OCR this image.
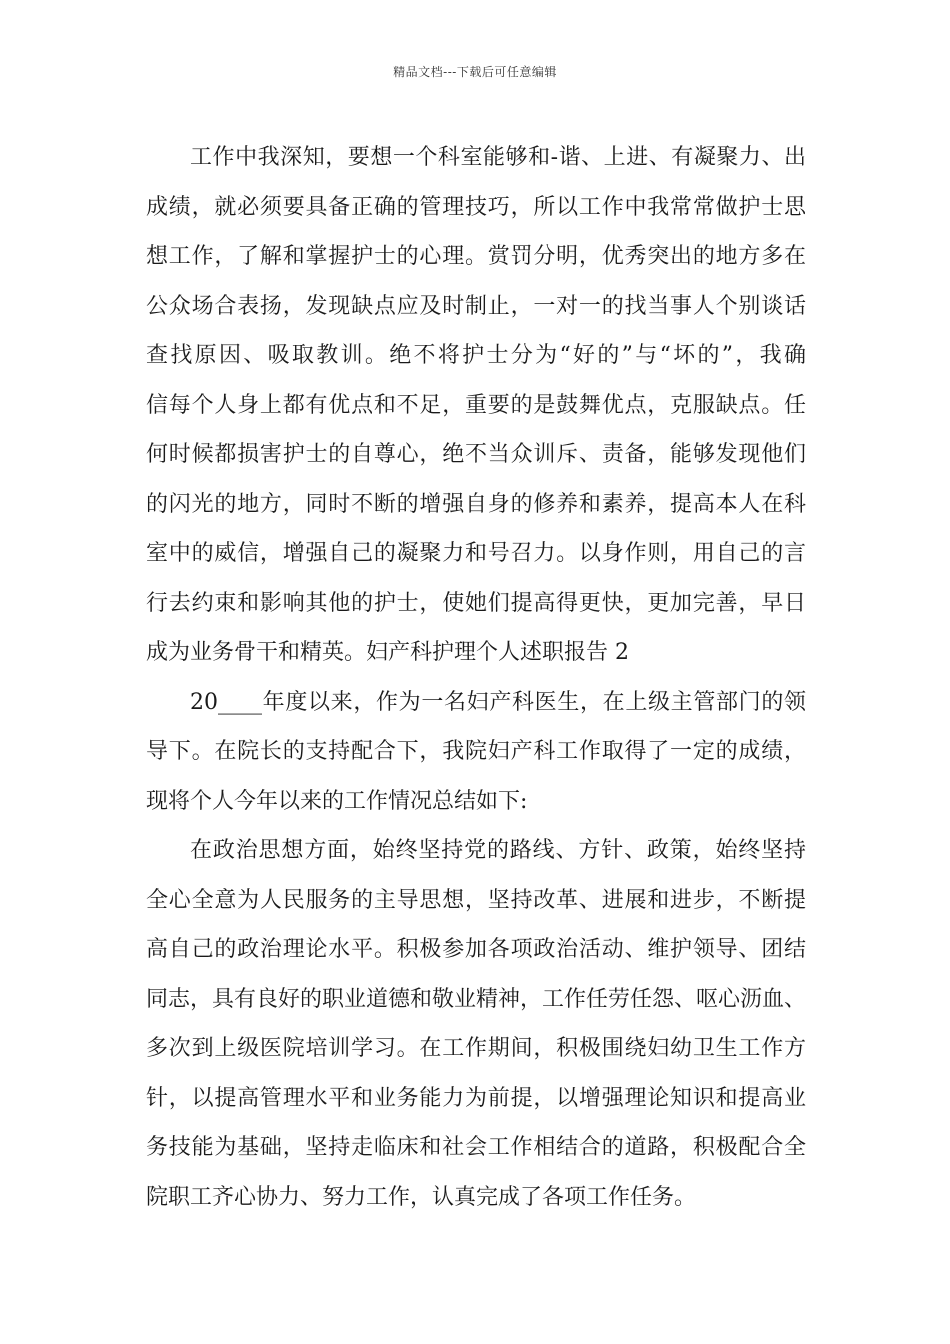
精品文档---下载后可任意编辑
工作中我深知，要想一个科室能够和-谐、上进、有凝聚力、出
成绩，就必须要具备正确的管理技巧，所以工作中我常常做护士思
想工作，了解和掌握护士的心理。赏罚分明，优秀突出的地方多在
公众场合表扬，发现缺点应及时制止，一对一的找当事人个别谈话
查找原因、吸取教训。绝不将护士分为“好的”与“坏的”，我确
信每个人身上都有优点和不足，重要的是鼓舞优点，克服缺点。任
何时候都损害护士的自尊心，绝不当众训斥、责备，能够发现他们
的闪光的地方，同时不断的增强自身的修养和素养，提高本人在科
室中的威信，增强自己的凝聚力和号召力。以身作则，用自己的言
行去约束和影响其他的护士，使她们提高得更快，更加完善，早日
成为业务骨干和精英。妇产科护理个人述职报告 2
20____年度以来，作为一名妇产科医生，在上级主管部门的领
导下。在院长的支持配合下，我院妇产科工作取得了一定的成绩，
现将个人今年以来的工作情况总结如下:
在政治思想方面，始终坚持党的路线、方针、政策，始终坚持
全心全意为人民服务的主导思想，坚持改革、进展和进步，不断提
高自己的政治理论水平。积极参加各项政治活动、维护领导、团结
同志，具有良好的职业道德和敬业精神，工作任劳任怨、呕心沥血、
多次到上级医院培训学习。在工作期间，积极围绕妇幼卫生工作方
针，以提高管理水平和业务能力为前提，以增强理论知识和提高业
务技能为基础，坚持走临床和社会工作相结合的道路，积极配合全
院职工齐心协力、努力工作，认真完成了各项工作任务。
